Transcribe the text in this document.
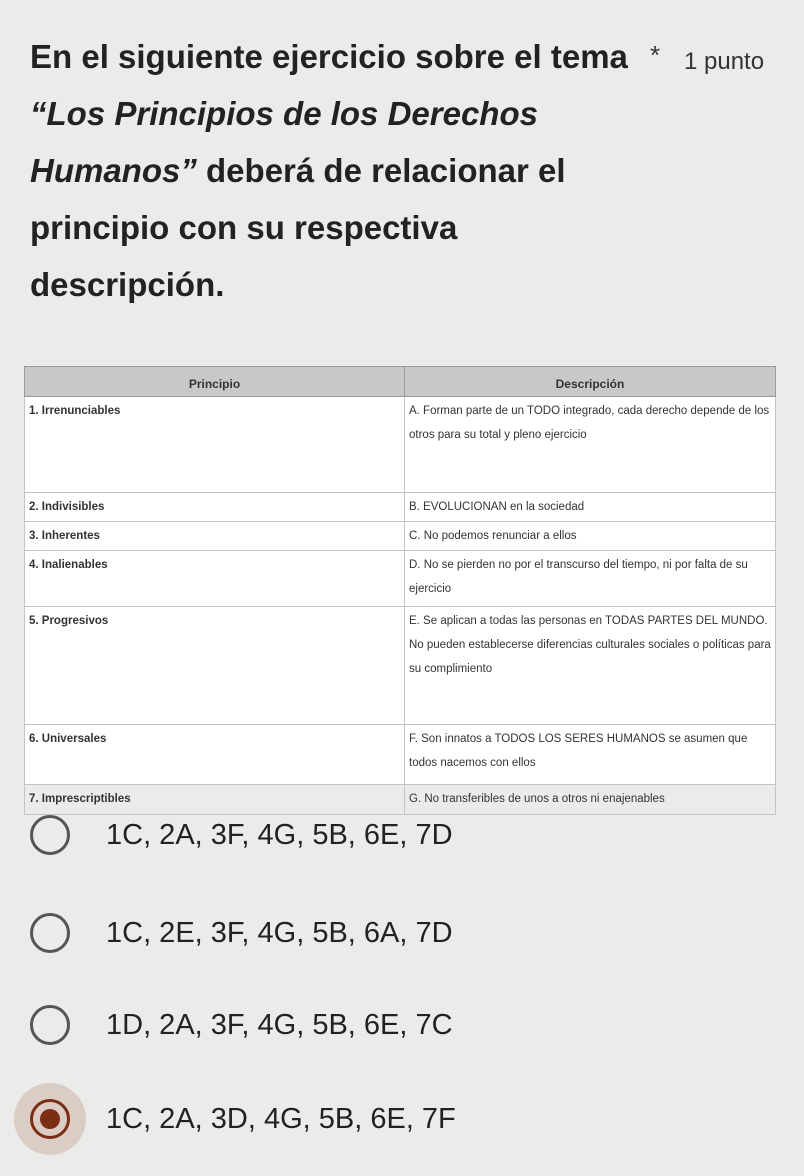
En el siguiente ejercicio sobre el tema “Los Principios de los Derechos Humanos” deberá de relacionar el principio con su respectiva descripción.
* 1 punto
Principio	Descripción
1. Irrenunciables	A. Forman parte de un TODO integrado, cada derecho depende de los otros para su total y pleno ejercicio
2. Indivisibles	B. EVOLUCIONAN en la sociedad
3. Inherentes	C. No podemos renunciar a ellos
4. Inalienables	D. No se pierden no por el transcurso del tiempo, ni por falta de su ejercicio
5. Progresivos	E. Se aplican a todas las personas en TODAS PARTES DEL MUNDO. No pueden establecerse diferencias culturales sociales o políticas para su complimiento
6. Universales	F. Son innatos a TODOS LOS SERES HUMANOS se asumen que todos nacemos con ellos
7. Imprescriptibles	G. No transferibles de unos a otros ni enajenables
1C, 2A, 3F, 4G, 5B, 6E, 7D
1C, 2E, 3F, 4G, 5B, 6A, 7D
1D, 2A, 3F, 4G, 5B, 6E, 7C
1C, 2A, 3D, 4G, 5B, 6E, 7F
